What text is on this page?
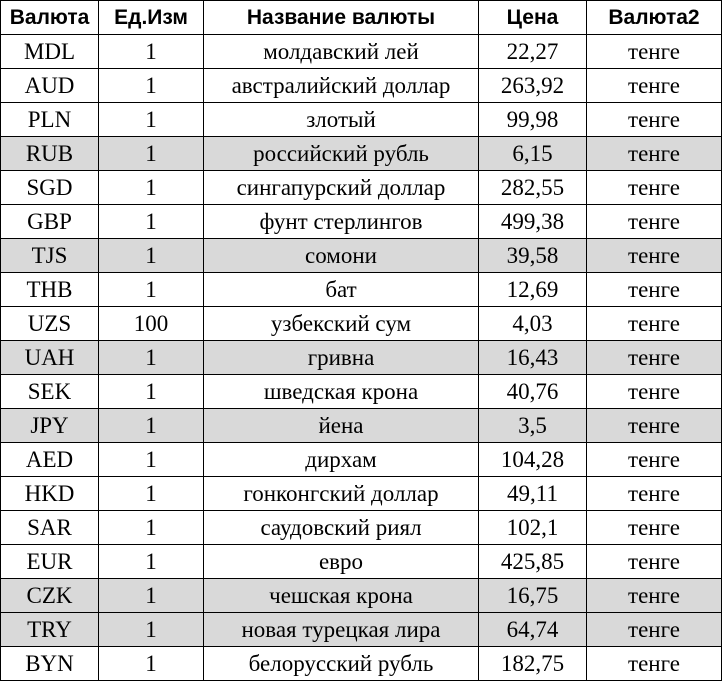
Валюта	Ед.Изм	Название валюты	Цена	Валюта2
MDL	1	молдавский лей	22,27	тенге
AUD	1	австралийский доллар	263,92	тенге
PLN	1	злотый	99,98	тенге
RUB	1	российский рубль	6,15	тенге
SGD	1	сингапурский доллар	282,55	тенге
GBP	1	фунт стерлингов	499,38	тенге
TJS	1	сомони	39,58	тенге
THB	1	бат	12,69	тенге
UZS	100	узбекский сум	4,03	тенге
UAH	1	гривна	16,43	тенге
SEK	1	шведская крона	40,76	тенге
JPY	1	йена	3,5	тенге
AED	1	дирхам	104,28	тенге
HKD	1	гонконгский доллар	49,11	тенге
SAR	1	саудовский риял	102,1	тенге
EUR	1	евро	425,85	тенге
CZK	1	чешская крона	16,75	тенге
TRY	1	новая турецкая лира	64,74	тенге
BYN	1	белорусский рубль	182,75	тенге
